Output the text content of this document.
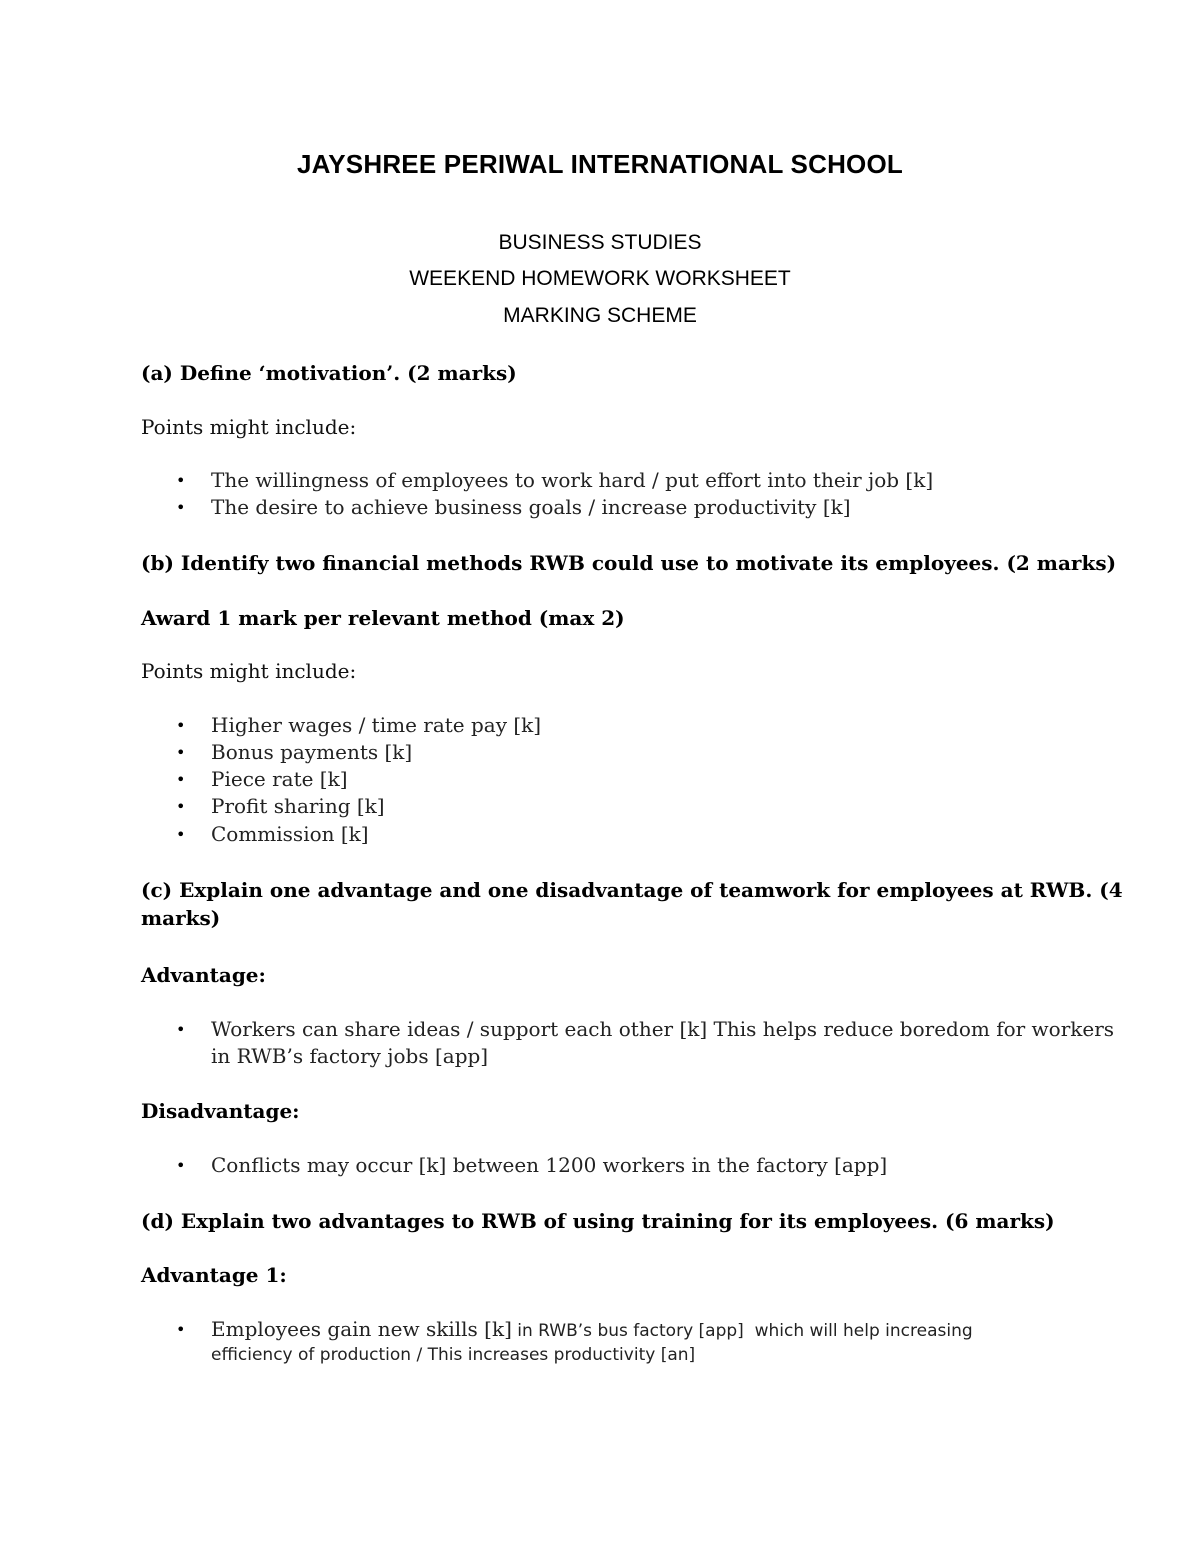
JAYSHREE PERIWAL INTERNATIONAL SCHOOL
BUSINESS STUDIES
WEEKEND HOMEWORK WORKSHEET
MARKING SCHEME
(a) Define ‘motivation’. (2 marks)
Points might include:
• The willingness of employees to work hard / put effort into their job [k]
• The desire to achieve business goals / increase productivity [k]
(b) Identify two financial methods RWB could use to motivate its employees. (2 marks)
Award 1 mark per relevant method (max 2)
Points might include:
• Higher wages / time rate pay [k]
• Bonus payments [k]
• Piece rate [k]
• Profit sharing [k]
• Commission [k]
(c) Explain one advantage and one disadvantage of teamwork for employees at RWB. (4
marks)
Advantage:
• Workers can share ideas / support each other [k] This helps reduce boredom for workers
in RWB’s factory jobs [app]
Disadvantage:
• Conflicts may occur [k] between 1200 workers in the factory [app]
(d) Explain two advantages to RWB of using training for its employees. (6 marks)
Advantage 1:
• Employees gain new skills [k] in RWB’s bus factory [app]  which will help increasing
efficiency of production / This increases productivity [an]
